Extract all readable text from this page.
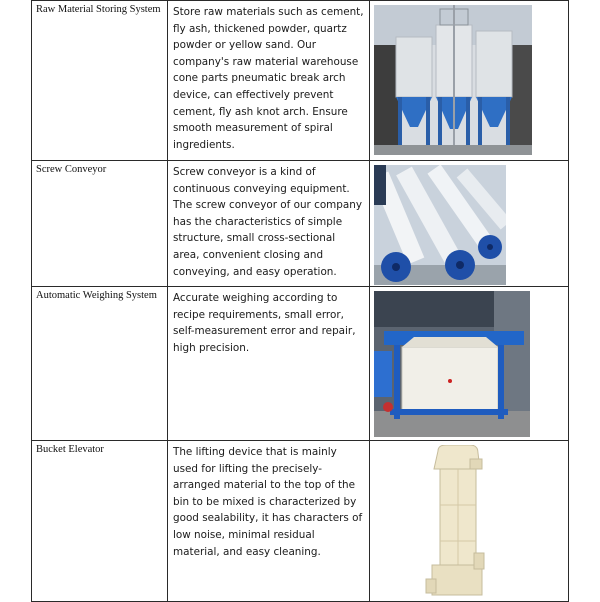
Raw Material Storing System	Store raw materials such as cement, fly ash, thickened powder, quartz powder or yellow sand. Our company's raw material warehouse cone parts pneumatic break arch device, can effectively prevent cement, fly ash knot arch. Ensure smooth measurement of spiral ingredients.	

Screw Conveyor	Screw conveyor is a kind of continuous conveying equipment. The screw conveyor of our company has the characteristics of simple structure, small cross-sectional area, convenient closing and conveying, and easy operation.	

Automatic Weighing System	Accurate weighing according to recipe requirements, small error, self-measurement error and repair, high precision.	

Bucket Elevator	The lifting device that is mainly used for lifting the precisely-arranged material to the top of the bin to be mixed is characterized by good sealability, it has characters of low noise, minimal residual material, and easy cleaning.	
